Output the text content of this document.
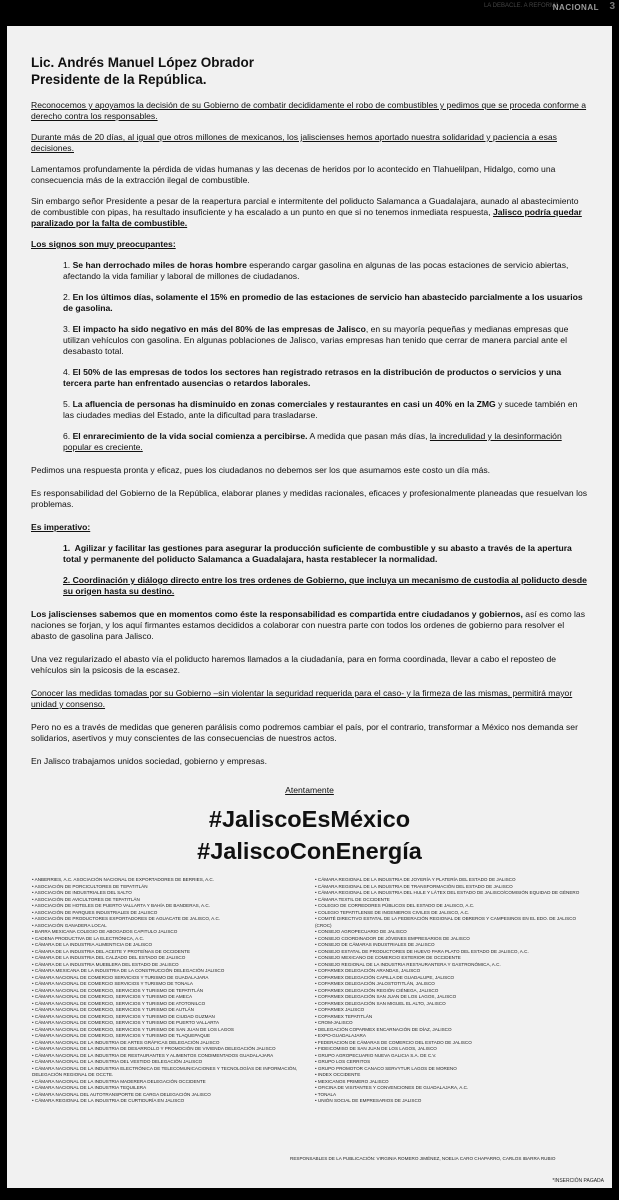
LA DEBACLE. A REFORMA
NACIONAL 3

Lic. Andrés Manuel López Obrador

Presidente de la República.

Reconocemos y apoyamos la decisión de su Gobierno de combatir decididamente el robo de combustibles y pedimos que se proceda conforme a derecho contra los responsables.

Durante más de 20 días, al igual que otros millones de mexicanos, los jaliscienses hemos aportado nuestra solidaridad y paciencia a esas decisiones.

Lamentamos profundamente la pérdida de vidas humanas y las decenas de heridos por lo acontecido en Tlahuelilpan, Hidalgo, como una consecuencia más de la extracción ilegal de combustible.

Sin embargo señor Presidente a pesar de la reapertura parcial e intermitente del poliducto Salamanca a Guadalajara, aunado al abastecimiento de combustible con pipas, ha resultado insuficiente y ha escalado a un punto en que si no tenemos inmediata respuesta, Jalisco podría quedar paralizado por la falta de combustible.

Los signos son muy preocupantes:

1. Se han derrochado miles de horas hombre esperando cargar gasolina en algunas de las pocas estaciones de servicio abiertas, afectando la vida familiar y laboral de millones de ciudadanos.
2. En los últimos días, solamente el 15% en promedio de las estaciones de servicio han abastecido parcialmente a los usuarios de gasolina.
3. El impacto ha sido negativo en más del 80% de las empresas de Jalisco, en su mayoría pequeñas y medianas empresas que utilizan vehículos con gasolina. En algunas poblaciones de Jalisco, varias empresas han tenido que cerrar de manera parcial ante el desabasto total.
4. El 50% de las empresas de todos los sectores han registrado retrasos en la distribución de productos o servicios y una tercera parte han enfrentado ausencias o retardos laborales.
5. La afluencia de personas ha disminuido en zonas comerciales y restaurantes en casi un 40% en la ZMG y sucede también en las ciudades medias del Estado, ante la dificultad para trasladarse.
6. El enrarecimiento de la vida social comienza a percibirse. A medida que pasan más días, la incredulidad y la desinformación popular es creciente.

Pedimos una respuesta pronta y eficaz, pues los ciudadanos no debemos ser los que asumamos este costo un día más.

Es responsabilidad del Gobierno de la República, elaborar planes y medidas racionales, eficaces y profesionalmente planeadas que resuelvan los problemas.

Es imperativo:

1. Agilizar y facilitar las gestiones para asegurar la producción suficiente de combustible y su abasto a través de la apertura total y permanente del poliducto Salamanca a Guadalajara, hasta restablecer la normalidad.
2. Coordinación y diálogo directo entre los tres ordenes de Gobierno, que incluya un mecanismo de custodia al poliducto desde su origen hasta su destino.

Los jaliscienses sabemos que en momentos como éste la responsabilidad es compartida entre ciudadanos y gobiernos, así es como las naciones se forjan, y los aquí firmantes estamos decididos a colaborar con nuestra parte con todos los ordenes de gobierno para resolver el abasto de gasolina para Jalisco.

Una vez regularizado el abasto vía el poliducto haremos llamados a la ciudadanía, para en forma coordinada, llevar a cabo el reposteo de vehículos sin la psicosis de la escasez.

Conocer las medidas tomadas por su Gobierno –sin violentar la seguridad requerida para el caso- y la firmeza de las mismas, permitirá mayor unidad y consenso.

Pero no es a través de medidas que generen parálisis como podremos cambiar el país, por el contrario, transformar a México nos demanda ser solidarios, asertivos y muy conscientes de las consecuencias de nuestros actos.

En Jalisco trabajamos unidos sociedad, gobierno y empresas.

Atentamente

#JaliscoEsMéxico

#JaliscoConEnergía

• ANBERRIES, A.C. ASOCIACIÓN NACIONAL DE EXPORTADORES DE BERRIES, A.C.
• ASOCIACIÓN DE PORCICULTORES DE TEPATITLÁN
• ASOCIACIÓN DE INDUSTRIALES DEL SALTO
• ASOCIACIÓN DE AVICULTORES DE TEPATITLÁN
• ASOCIACIÓN DE HOTELES DE PUERTO VALLARTA Y BAHÍA DE BANDERAS, A.C.
• ASOCIACIÓN DE PARQUES INDUSTRIALES DE JALISCO
• ASOCIACIÓN DE PRODUCTORES EXPORTADORES DE AGUACATE DE JALISCO, A.C.
• ASOCIACIÓN GANADERA LOCAL
• BARRA MEXICANA COLEGIO DE ABOGADOS CAPITULO JALISCO
• CADENA PRODUCTIVA DE LA ELECTRÓNICA, A.C.
• CÁMARA DE LA INDUSTRIA ALIMENTICIA DE JALISCO
• CÁMARA DE LA INDUSTRIA DEL ACEITE Y PROTEÍNAS DE OCCIDENTE
• CÁMARA DE LA INDUSTRIA DEL CALZADO DEL ESTADO DE JALISCO
• CÁMARA DE LA INDUSTRIA MUEBLERA DEL ESTADO DE JALISCO
• CÁMARA MEXICANA DE LA INDUSTRIA DE LA CONSTRUCCIÓN DELEGACIÓN JALISCO
• CÁMARA NACIONAL DE COMERCIO SERVICIOS Y TURISMO DE GUADALAJARA
• CÁMARA NACIONAL DE COMERCIO SERVICIOS Y TURISMO DE TONALA
• CÁMARA NACIONAL DE COMERCIO, SERVICIOS Y TURISMO DE TEPATITLÁN
• CÁMARA NACIONAL DE COMERCIO, SERVICIOS Y TURISMO DE AMECA
• CÁMARA NACIONAL DE COMERCIO, SERVICIOS Y TURISMO DE ATOTONILCO
• CÁMARA NACIONAL DE COMERCIO, SERVICIOS Y TURISMO DE AUTLÁN
• CÁMARA NACIONAL DE COMERCIO, SERVICIOS Y TURISMO DE CIUDAD GUZMAN
• CÁMARA NACIONAL DE COMERCIO, SERVICIOS Y TURISMO DE PUERTO VALLARTA
• CÁMARA NACIONAL DE COMERCIO, SERVICIOS Y TURISMO DE SAN JUAN DE LOS LAGOS
• CÁMARA NACIONAL DE COMERCIO, SERVICIOS Y TURISMO DE TLAQUEPAQUE
• CÁMARA NACIONAL DE LA INDUSTRIA DE ARTES GRÁFICAS DELEGACIÓN JALISCO
• CÁMARA NACIONAL DE LA INDUSTRIA DE DESARROLLO Y PROMOCIÓN DE VIVIENDA DELEGACIÓN JALISCO
• CÁMARA NACIONAL DE LA INDUSTRIA DE RESTAURANTES Y ALIMENTOS CONDIMENTADOS GUADALAJARA
• CÁMARA NACIONAL DE LA INDUSTRIA DEL VESTIDO DELEGACIÓN JALISCO
• CÁMARA NACIONAL DE LA INDUSTRIA ELECTRÓNICA DE TELECOMUNICACIONES Y TECNOLOGÍAS DE INFORMACIÓN, DELEGACIÓN REGIONAL DE OCCTE.
• CÁMARA NACIONAL DE LA INDUSTRIA MADERERA DELEGACIÓN OCCIDENTE
• CÁMARA NACIONAL DE LA INDUSTRIA TEQUILERA
• CÁMARA NACIONAL DEL AUTOTRANSPORTE DE CARGA DELEGACIÓN JALISCO
• CÁMARA REGIONAL DE LA INDUSTRIA DE CURTIDURÍA EN JALISCO
• CÁMARA REGIONAL DE LA INDUSTRIA DE JOYERÍA Y PLATERÍA DEL ESTADO DE JALISCO
• CÁMARA REGIONAL DE LA INDUSTRIA DE TRANSFORMACIÓN DEL ESTADO DE JALISCO
• CÁMARA REGIONAL DE LA INDUSTRIA DEL HULE Y LÁTEX DEL ESTADO DE JALISCO/COMISIÓN EQUIDAD DE GÉNERO
• CÁMARA TEXTIL DE OCCIDENTE
• COLEGIO DE CORREDORES PÚBLICOS DEL ESTADO DE JALISCO, A.C.
• COLEGIO TEPATITLENSE DE INGENIEROS CIVILES DE JALISCO, A.C.
• COMITÉ DIRECTIVO ESTATAL DE LA FEDERACIÓN REGIONAL DE OBREROS Y CAMPESINOS EN EL EDO. DE JALISCO (CROC)
• CONSEJO AGROPECUARIO DE JALISCO
• CONSEJO COORDINADOR DE JÓVENES EMPRESARIOS DE JALISCO
• CONSEJO DE CÁMARAS INDUSTRIALES DE JALISCO
• CONSEJO ESTATAL DE PRODUCTORES DE HUEVO PARA PLATO DEL ESTADO DE JALISCO, A.C.
• CONSEJO MEXICANO DE COMERCIO EXTERIOR DE OCCIDENTE
• CONSEJO REGIONAL DE LA INDUSTRIA RESTAURANTERA Y GASTRONÓMICA, A.C.
• COPARMEX DELEGACIÓN ARANDAS, JALISCO
• COPARMEX DELEGACIÓN CAPILLA DE GUADALUPE, JALISCO
• COPARMEX DELEGACIÓN JALOSTOTITLÁN, JALISCO
• COPARMEX DELEGACIÓN REGIÓN CIÉNEGA, JALISCO
• COPARMEX DELEGACIÓN SAN JUAN DE LOS LAGOS, JALISCO
• COPARMEX DELEGACIÓN SAN MIGUEL EL ALTO, JALISCO
• COPARMEX JALISCO
• COPARMEX TEPATITLÁN
• CROM-JALISCO
• DELEGACIÓN COPARMEX ENCARNACIÓN DE DÍAZ, JALISCO
• EXPO-GUADALAJARA
• FEDERACION DE CÁMARAS DE COMERCIO DEL ESTADO DE JALISCO
• FIDEICOMISO DE SAN JUAN DE LOS LAGOS, JALISCO
• GRUPO AGROPECUARIO NUEVA GALICIA S.A. DE C.V.
• GRUPO LOS CERRITOS
• GRUPO PROMOTOR CANACO SERVYTUR LAGOS DE MORENO
• INDEX OCCIDENTE
• MEXICANOS PRIMERO JALISCO
• OFICINA DE VISITANTES Y CONVENCIONES DE GUADALAJARA, A.C.
• TONALA
• UNIÓN SOCIAL DE EMPRESARIOS DE JALISCO
RESPONSABLES DE LA PUBLICACIÓN: VIRGINIA ROMERO JIMÉNEZ, NOELIA CARO CHAPARRO, CARLOS IBARRA RUBIO
*INSERCIÓN PAGADA
